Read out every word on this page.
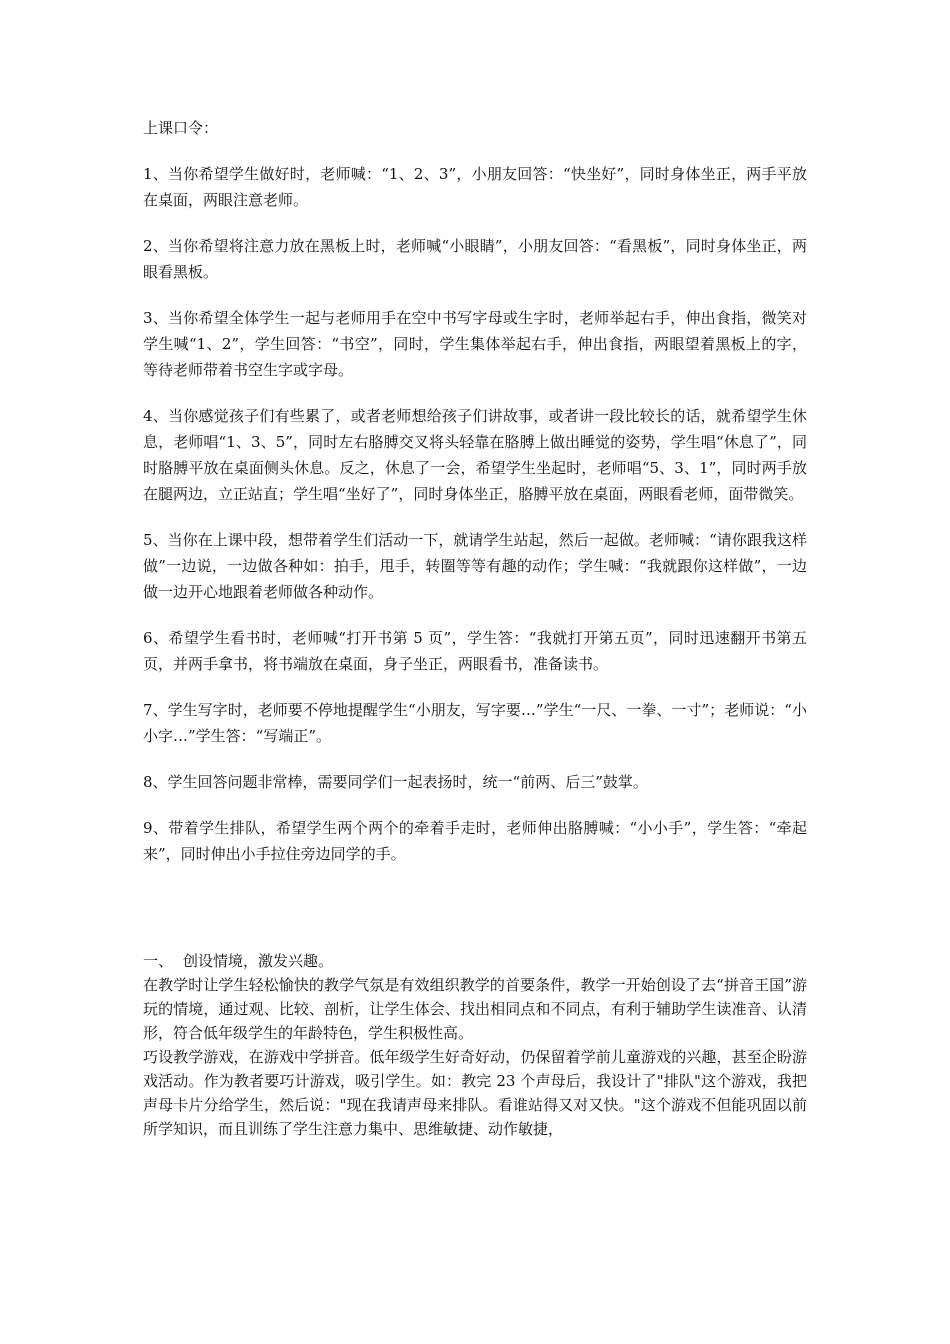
上课口令：

1、当你希望学生做好时，老师喊：“1、2、3”，小朋友回答：“快坐好”，同时身体坐正，两手平放在桌面，两眼注意老师。

2、当你希望将注意力放在黑板上时，老师喊“小眼睛”，小朋友回答：“看黑板”，同时身体坐正，两眼看黑板。

3、当你希望全体学生一起与老师用手在空中书写字母或生字时，老师举起右手，伸出食指，微笑对学生喊“1、2”，学生回答：“书空”，同时，学生集体举起右手，伸出食指，两眼望着黑板上的字，等待老师带着书空生字或字母。

4、当你感觉孩子们有些累了，或者老师想给孩子们讲故事，或者讲一段比较长的话，就希望学生休息，老师唱“1、3、5”，同时左右胳膊交叉将头轻靠在胳膊上做出睡觉的姿势，学生唱“休息了”，同时胳膊平放在桌面侧头休息。反之，休息了一会，希望学生坐起时，老师唱“5、3、1”，同时两手放在腿两边，立正站直；学生唱“坐好了”，同时身体坐正，胳膊平放在桌面，两眼看老师，面带微笑。

5、当你在上课中段，想带着学生们活动一下，就请学生站起，然后一起做。老师喊：“请你跟我这样做”一边说，一边做各种如：拍手，甩手，转圈等等有趣的动作；学生喊：“我就跟你这样做”，一边做一边开心地跟着老师做各种动作。

6、希望学生看书时，老师喊“打开书第 5 页”，学生答：“我就打开第五页”，同时迅速翻开书第五页，并两手拿书，将书端放在桌面，身子坐正，两眼看书，准备读书。

7、学生写字时，老师要不停地提醒学生“小朋友，写字要…”学生“一尺、一拳、一寸”；老师说：“小小字…”学生答：“写端正”。

8、学生回答问题非常棒，需要同学们一起表扬时，统一“前两、后三”鼓掌。

9、带着学生排队，希望学生两个两个的牵着手走时，老师伸出胳膊喊：“小小手”，学生答：“牵起来”，同时伸出小手拉住旁边同学的手。

一、 创设情境，激发兴趣。

在教学时让学生轻松愉快的教学气氛是有效组织教学的首要条件，教学一开始创设了去“拼音王国”游玩的情境，通过观、比较、剖析，让学生体会、找出相同点和不同点，有利于辅助学生读准音、认清形，符合低年级学生的年龄特色，学生积极性高。

巧设教学游戏，在游戏中学拼音。低年级学生好奇好动，仍保留着学前儿童游戏的兴趣，甚至企盼游戏活动。作为教者要巧计游戏，吸引学生。如：教完 23 个声母后，我设计了"排队"这个游戏，我把声母卡片分给学生，然后说："现在我请声母来排队。看谁站得又对又快。"这个游戏不但能巩固以前所学知识，而且训练了学生注意力集中、思维敏捷、动作敏捷，
